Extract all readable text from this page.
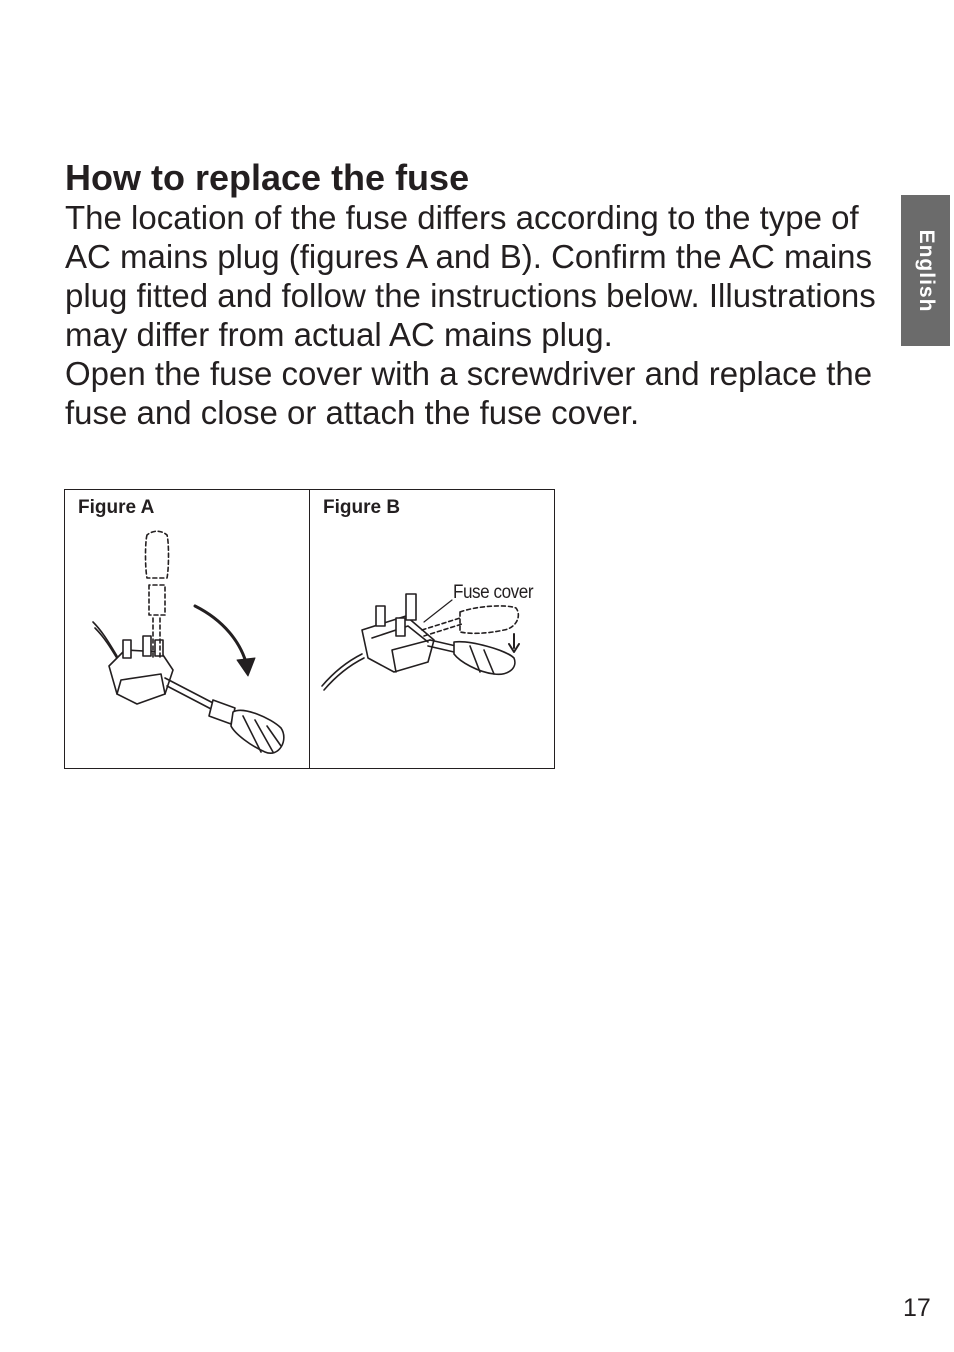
How to replace the fuse

The location of the fuse differs according to the type of AC mains plug (figures A and B). Confirm the AC mains plug fitted and follow the instructions below. Illustrations may differ from actual AC mains plug.

Open the fuse cover with a screwdriver and replace the fuse and close or attach the fuse cover.

English
Figure A	Figure B
Fuse cover
17
